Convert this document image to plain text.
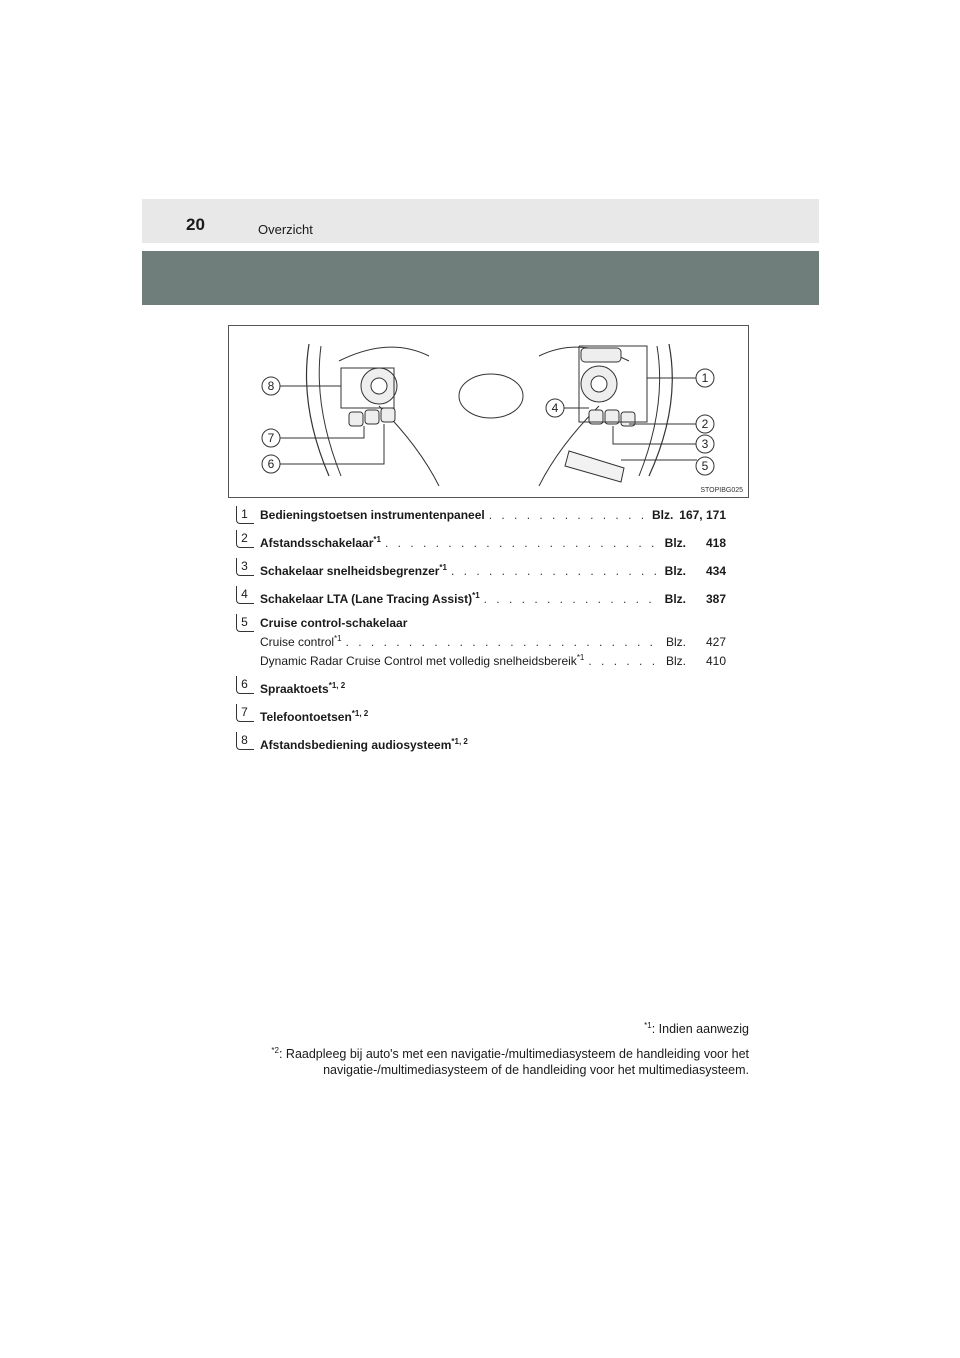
20	Overzicht
8
7
6
4
1
2
3
5
STOPIBG025
1	Bedieningstoetsen instrumentenpaneel . . .	Blz. 167, 171
2	Afstandsschakelaar$^{*1}$ . . .	Blz.	418
3	Schakelaar snelheidsbegrenzer$^{*1}$ . . .	Blz.	434
4	Schakelaar LTA (Lane Tracing Assist)$^{*1}$ . . .	Blz.	387
5	Cruise control-schakelaar
Cruise control$^{*1}$ . . .	Blz.	427
Dynamic Radar Cruise Control met volledig snelheidsbereik$^{*1}$ . . .	Blz.	410
6	Spraaktoets$^{*1, 2}$
7	Telefoontoetsen$^{*1, 2}$
8	Afstandsbediening audiosysteem$^{*1, 2}$

$^{*1}$: Indien aanwezig

$^{*2}$: Raadpleeg bij auto's met een navigatie-/multimediasysteem de handleiding voor het navigatie-/multimediasysteem of de handleiding voor het multimediasysteem.
